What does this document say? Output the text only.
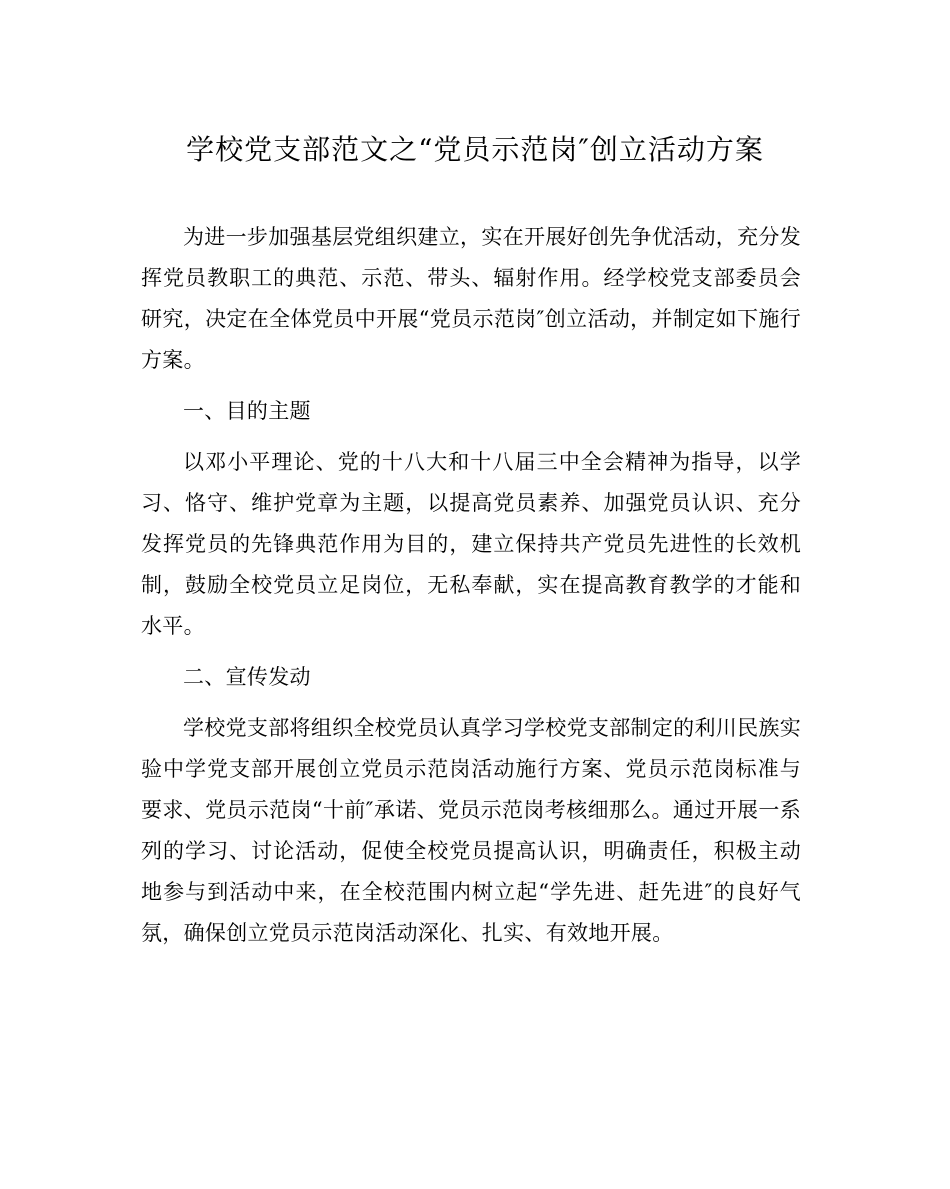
学校党支部范文之“党员示范岗″创立活动方案

为进一步加强基层党组织建立，实在开展好创先争优活动，充分发挥党员教职工的典范、示范、带头、辐射作用。经学校党支部委员会研究，决定在全体党员中开展“党员示范岗″创立活动，并制定如下施行方案。

一、目的主题

以邓小平理论、党的十八大和十八届三中全会精神为指导，以学习、恪守、维护党章为主题，以提高党员素养、加强党员认识、充分发挥党员的先锋典范作用为目的，建立保持共产党员先进性的长效机制，鼓励全校党员立足岗位，无私奉献，实在提高教育教学的才能和水平。

二、宣传发动

学校党支部将组织全校党员认真学习学校党支部制定的利川民族实验中学党支部开展创立党员示范岗活动施行方案、党员示范岗标准与要求、党员示范岗“十前″承诺、党员示范岗考核细那么。通过开展一系列的学习、讨论活动，促使全校党员提高认识，明确责任，积极主动地参与到活动中来，在全校范围内树立起“学先进、赶先进″的良好气氛，确保创立党员示范岗活动深化、扎实、有效地开展。
